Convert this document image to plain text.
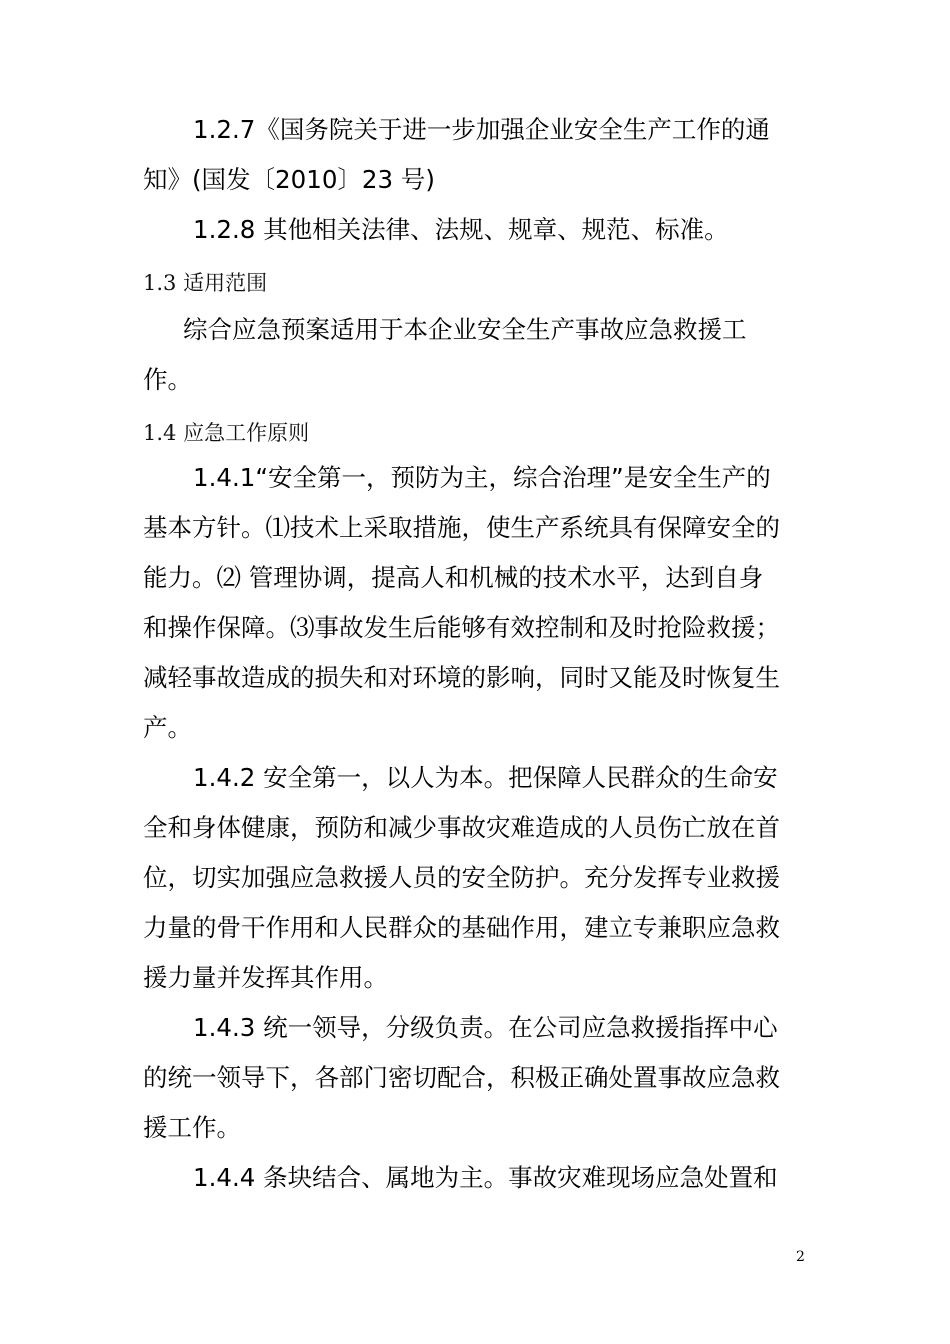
1.2.7《国务院关于进一步加强企业安全生产工作的通
知》(国发〔2010〕23 号)
1.2.8 其他相关法律、法规、规章、规范、标准。
1.3 适用范围
综合应急预案适用于本企业安全生产事故应急救援工
作。
1.4 应急工作原则
1.4.1“安全第一，预防为主，综合治理”是安全生产的
基本方针。⑴技术上采取措施，使生产系统具有保障安全的
能力。⑵ 管理协调，提高人和机械的技术水平，达到自身
和操作保障。⑶事故发生后能够有效控制和及时抢险救援；
减轻事故造成的损失和对环境的影响，同时又能及时恢复生
产。
1.4.2 安全第一，以人为本。把保障人民群众的生命安
全和身体健康，预防和减少事故灾难造成的人员伤亡放在首
位，切实加强应急救援人员的安全防护。充分发挥专业救援
力量的骨干作用和人民群众的基础作用，建立专兼职应急救
援力量并发挥其作用。
1.4.3 统一领导，分级负责。在公司应急救援指挥中心
的统一领导下，各部门密切配合，积极正确处置事故应急救
援工作。
1.4.4 条块结合、属地为主。事故灾难现场应急处置和
2
